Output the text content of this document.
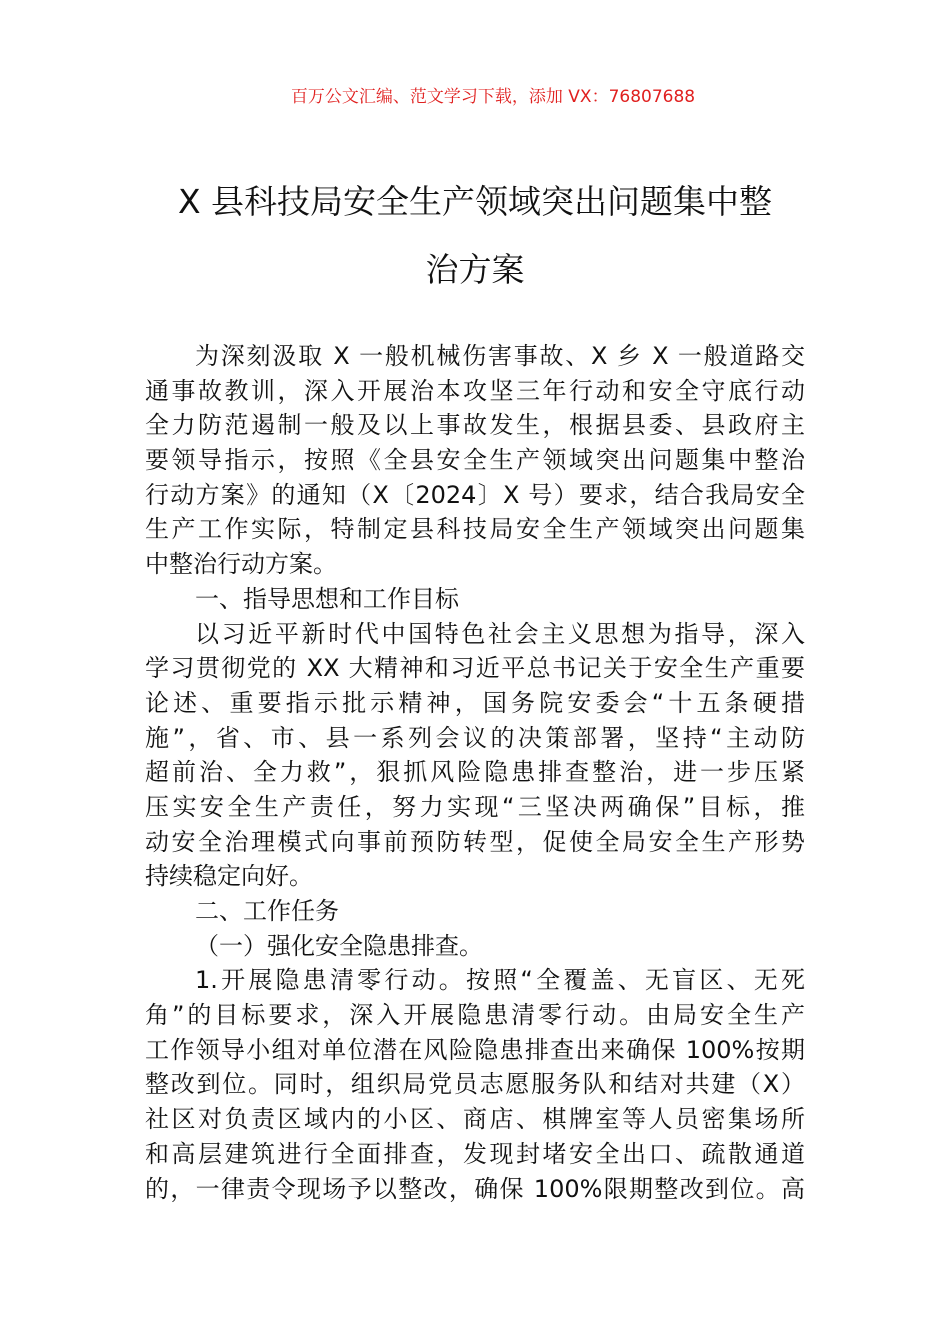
百万公文汇编、范文学习下载，添加 VX：76807688
X 县科技局安全生产领域突出问题集中整
治方案
为深刻汲取 X 一般机械伤害事故、X 乡 X 一般道路交
通事故教训，深入开展治本攻坚三年行动和安全守底行动
全力防范遏制一般及以上事故发生，根据县委、县政府主
要领导指示，按照《全县安全生产领域突出问题集中整治
行动方案》的通知（X〔2024〕X 号）要求，结合我局安全
生产工作实际，特制定县科技局安全生产领域突出问题集
中整治行动方案。
一、指导思想和工作目标
以习近平新时代中国特色社会主义思想为指导，深入
学习贯彻党的 XX 大精神和习近平总书记关于安全生产重要
论述、重要指示批示精神，国务院安委会“十五条硬措
施”，省、市、县一系列会议的决策部署，坚持“主动防
超前治、全力救”，狠抓风险隐患排查整治，进一步压紧
压实安全生产责任，努力实现“三坚决两确保”目标，推
动安全治理模式向事前预防转型，促使全局安全生产形势
持续稳定向好。
二、工作任务
（一）强化安全隐患排查。
1.开展隐患清零行动。按照“全覆盖、无盲区、无死
角”的目标要求，深入开展隐患清零行动。由局安全生产
工作领导小组对单位潜在风险隐患排查出来确保 100%按期
整改到位。同时，组织局党员志愿服务队和结对共建（X）
社区对负责区域内的小区、商店、棋牌室等人员密集场所
和高层建筑进行全面排查，发现封堵安全出口、疏散通道
的，一律责令现场予以整改，确保 100%限期整改到位。高
